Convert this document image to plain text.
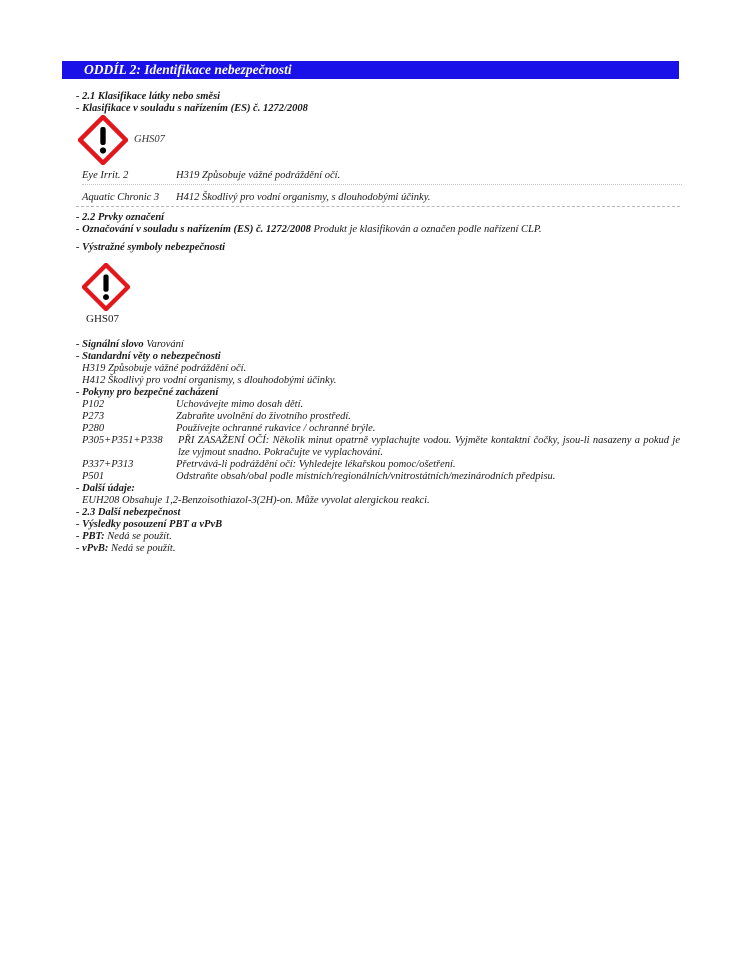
ODDÍL 2: Identifikace nebezpečnosti
- 2.1 Klasifikace látky nebo směsi
- Klasifikace v souladu s nařízením (ES) č. 1272/2008
GHS07
Eye Irrit. 2	H319 Způsobuje vážné podráždění očí.
Aquatic Chronic 3 H412 Škodlivý pro vodní organismy, s dlouhodobými účinky.
- 2.2 Prvky označení
- Označování v souladu s nařízením (ES) č. 1272/2008 Produkt je klasifikován a označen podle nařízení CLP.
- Výstražné symboly nebezpečnosti
GHS07
- Signální slovo Varování
- Standardní věty o nebezpečnosti
H319 Způsobuje vážné podráždění očí.
H412 Škodlivý pro vodní organismy, s dlouhodobými účinky.
- Pokyny pro bezpečné zacházení
P102	Uchovávejte mimo dosah dětí.
P273	Zabraňte uvolnění do životního prostředí.
P280	Používejte ochranné rukavice / ochranné brýle.
P305+P351+P338 PŘI ZASAŽENÍ OČÍ: Několik minut opatrně vyplachujte vodou. Vyjměte kontaktní čočky, jsou-li nasazeny a pokud je lze vyjmout snadno. Pokračujte ve vyplachování.
P337+P313	Přetrvává-li podráždění očí: Vyhledejte lékařskou pomoc/ošetření.
P501	Odstraňte obsah/obal podle místních/regionálních/vnitrostátních/mezinárodních předpisu.
- Další údaje:
EUH208 Obsahuje 1,2-Benzoisothiazol-3(2H)-on. Může vyvolat alergickou reakci.
- 2.3 Další nebezpečnost
- Výsledky posouzení PBT a vPvB
- PBT: Nedá se použít.
- vPvB: Nedá se použít.
